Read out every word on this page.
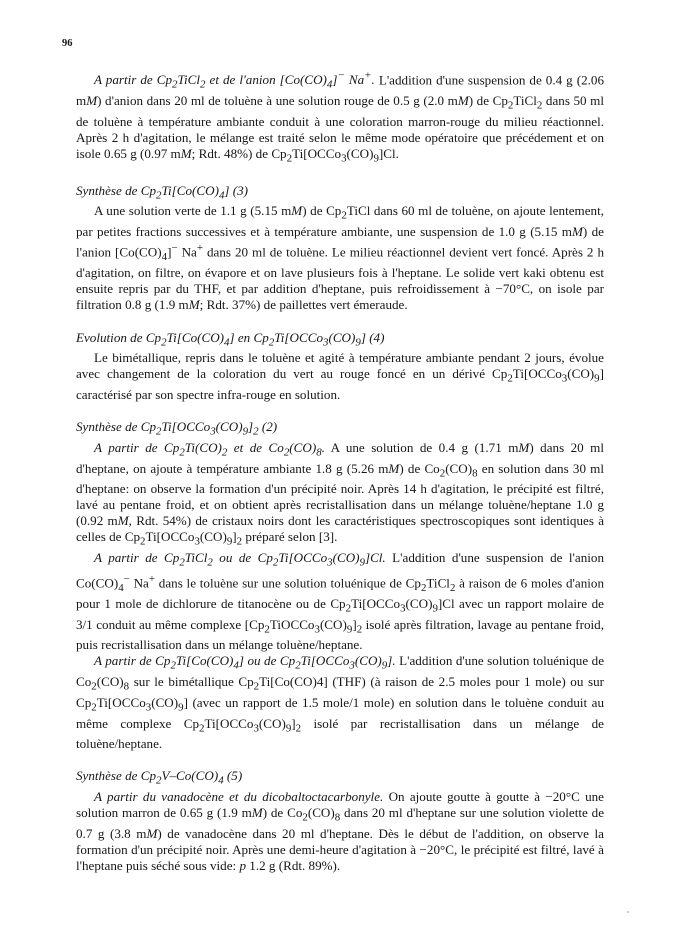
96

A partir de $Cp_2TiCl_2$ et de l'anion $[Co(CO)_4]^-$ Na+. L'addition d'une suspension de 0.4 g (2.06 mM) d'anion dans 20 ml de toluène à une solution rouge de 0.5 g (2.0 mM) de $Cp_2TiCl_2$ dans 50 ml de toluène à température ambiante conduit à une coloration marron-rouge du milieu réactionnel. Après 2 h d'agitation, le mélange est traité selon le même mode opératoire que précédement et on isole 0.65 g (0.97 mM; Rdt. 48%) de $Cp_2Ti[OCCo_3(CO)_9]Cl$.

Synthèse de $Cp_2Ti[Co(CO)_4]$ (3)

A une solution verte de 1.1 g (5.15 mM) de $Cp_2TiCl$ dans 60 ml de toluène, on ajoute lentement, par petites fractions successives et à température ambiante, une suspension de 1.0 g (5.15 mM) de l'anion $[Co(CO)_4]^-$ Na+ dans 20 ml de toluène. Le milieu réactionnel devient vert foncé. Après 2 h d'agitation, on filtre, on évapore et on lave plusieurs fois à l'heptane. Le solide vert kaki obtenu est ensuite repris par du THF, et par addition d'heptane, puis refroidissement à −70°C, on isole par filtration 0.8 g (1.9 mM; Rdt. 37%) de paillettes vert émeraude.

Evolution de $Cp_2Ti[Co(CO)_4]$ en $Cp_2Ti[OCCo_3(CO)_9]$ (4)

Le bimétallique, repris dans le toluène et agité à température ambiante pendant 2 jours, évolue avec changement de la coloration du vert au rouge foncé en un dérivé $Cp_2Ti[OCCo_3(CO)_9]$ caractérisé par son spectre infra-rouge en solution.

Synthèse de $Cp_2Ti[OCCo_3(CO)_9]_2$ (2)

A partir de $Cp_2Ti(CO)_2$ et de $Co_2(CO)_8$. A une solution de 0.4 g (1.71 mM) dans 20 ml d'heptane, on ajoute à température ambiante 1.8 g (5.26 mM) de $Co_2(CO)_8$ en solution dans 30 ml d'heptane: on observe la formation d'un précipité noir. Après 14 h d'agitation, le précipité est filtré, lavé au pentane froid, et on obtient après recristallisation dans un mélange toluène/heptane 1.0 g (0.92 mM, Rdt. 54%) de cristaux noirs dont les caractéristiques spectroscopiques sont identiques à celles de $Cp_2Ti[OCCo_3(CO)_9]_2$ préparé selon [3].

A partir de $Cp_2TiCl_2$ ou de $Cp_2Ti[OCCo_3(CO)_9]Cl$. L'addition d'une suspension de l'anion $Co(CO)_4^-$ Na+ dans le toluène sur une solution toluénique de $Cp_2TiCl_2$ à raison de 6 moles d'anion pour 1 mole de dichlorure de titanocène ou de $Cp_2Ti[OCCo_3(CO)_9]Cl$ avec un rapport molaire de 3/1 conduit au même complexe $[Cp_2TiOCCo_3(CO)_9]_2$ isolé après filtration, lavage au pentane froid, puis recristallisation dans un mélange toluène/heptane.

A partir de $Cp_2Ti[Co(CO)_4]$ ou de $Cp_2Ti[OCCo_3(CO)_9]$. L'addition d'une solution toluénique de $Co_2(CO)_8$ sur le bimétallique $Cp_2Ti[Co(CO)4]$ (THF) (à raison de 2.5 moles pour 1 mole) ou sur $Cp_2Ti[OCCo_3(CO)_9]$ (avec un rapport de 1.5 mole/1 mole) en solution dans le toluène conduit au même complexe $Cp_2Ti[OCCo_3(CO)_9]_2$ isolé par recristallisation dans un mélange de toluène/heptane.

Synthèse de $Cp_2V-Co(CO)_4$ (5)

A partir du vanadocène et du dicobaltoctacarbonyle. On ajoute goutte à goutte à −20°C une solution marron de 0.65 g (1.9 mM) de $Co_2(CO)_8$ dans 20 ml d'heptane sur une solution violette de 0.7 g (3.8 mM) de vanadocène dans 20 ml d'heptane. Dès le début de l'addition, on observe la formation d'un précipité noir. Après une demi-heure d'agitation à −20°C, le précipité est filtré, lavé à l'heptane puis séché sous vide: p 1.2 g (Rdt. 89%).
